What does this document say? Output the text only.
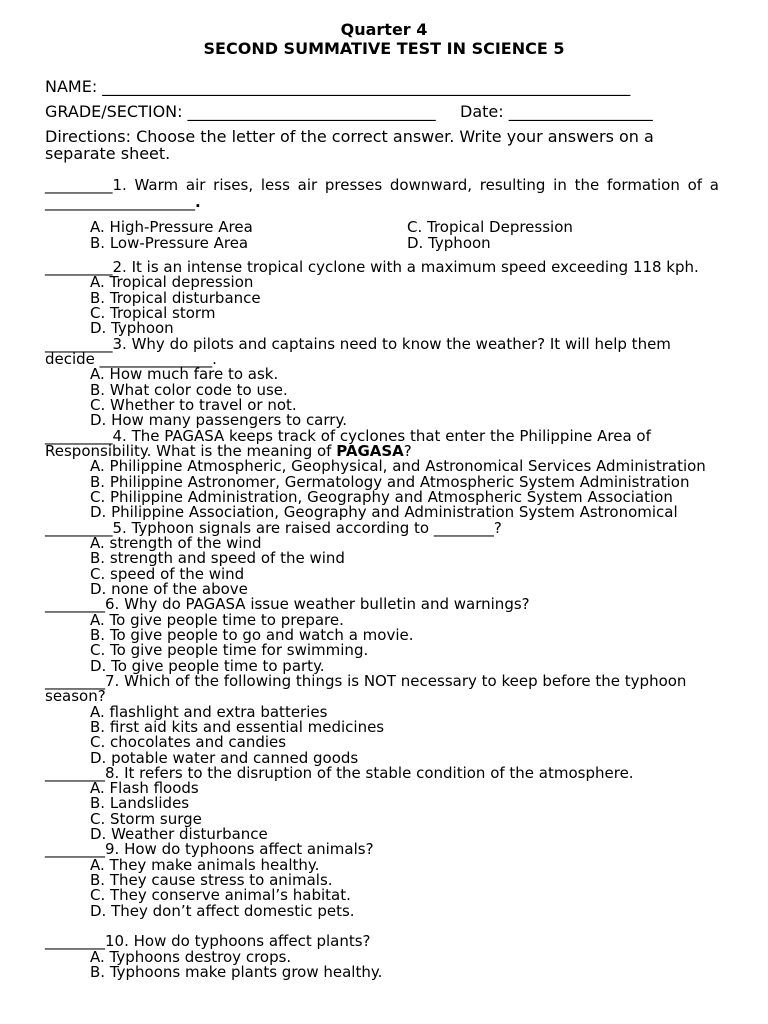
Quarter 4
SECOND SUMMATIVE TEST IN SCIENCE 5
NAME: __________________________________________________________________
GRADE/SECTION: _______________________________ Date: __________________
Directions: Choose the letter of the correct answer. Write your answers on a separate sheet.
_________1. Warm air rises, less air presses downward, resulting in the formation of a ____________________.
A. High-Pressure Area	C. Tropical Depression
B. Low-Pressure Area	D. Typhoon
_________2. It is an intense tropical cyclone with a maximum speed exceeding 118 kph.
A. Tropical depression
B. Tropical disturbance
C. Tropical storm
D. Typhoon
_________3. Why do pilots and captains need to know the weather? It will help them decide _______________.
A. How much fare to ask.
B. What color code to use.
C. Whether to travel or not.
D. How many passengers to carry.
_________4. The PAGASA keeps track of cyclones that enter the Philippine Area of Responsibility. What is the meaning of PAGASA?
A. Philippine Atmospheric, Geophysical, and Astronomical Services Administration
B. Philippine Astronomer, Germatology and Atmospheric System Administration
C. Philippine Administration, Geography and Atmospheric System Association
D. Philippine Association, Geography and Administration System Astronomical
_________5. Typhoon signals are raised according to ________?
A. strength of the wind
B. strength and speed of the wind
C. speed of the wind
D. none of the above
________6. Why do PAGASA issue weather bulletin and warnings?
A. To give people time to prepare.
B. To give people to go and watch a movie.
C. To give people time for swimming.
D. To give people time to party.
________7. Which of the following things is NOT necessary to keep before the typhoon season?
A. flashlight and extra batteries
B. first aid kits and essential medicines
C. chocolates and candies
D. potable water and canned goods
________8. It refers to the disruption of the stable condition of the atmosphere.
A. Flash floods
B. Landslides
C. Storm surge
D. Weather disturbance
________9. How do typhoons affect animals?
A. They make animals healthy.
B. They cause stress to animals.
C. They conserve animal’s habitat.
D. They don’t affect domestic pets.
________10. How do typhoons affect plants?
A. Typhoons destroy crops.
B. Typhoons make plants grow healthy.
